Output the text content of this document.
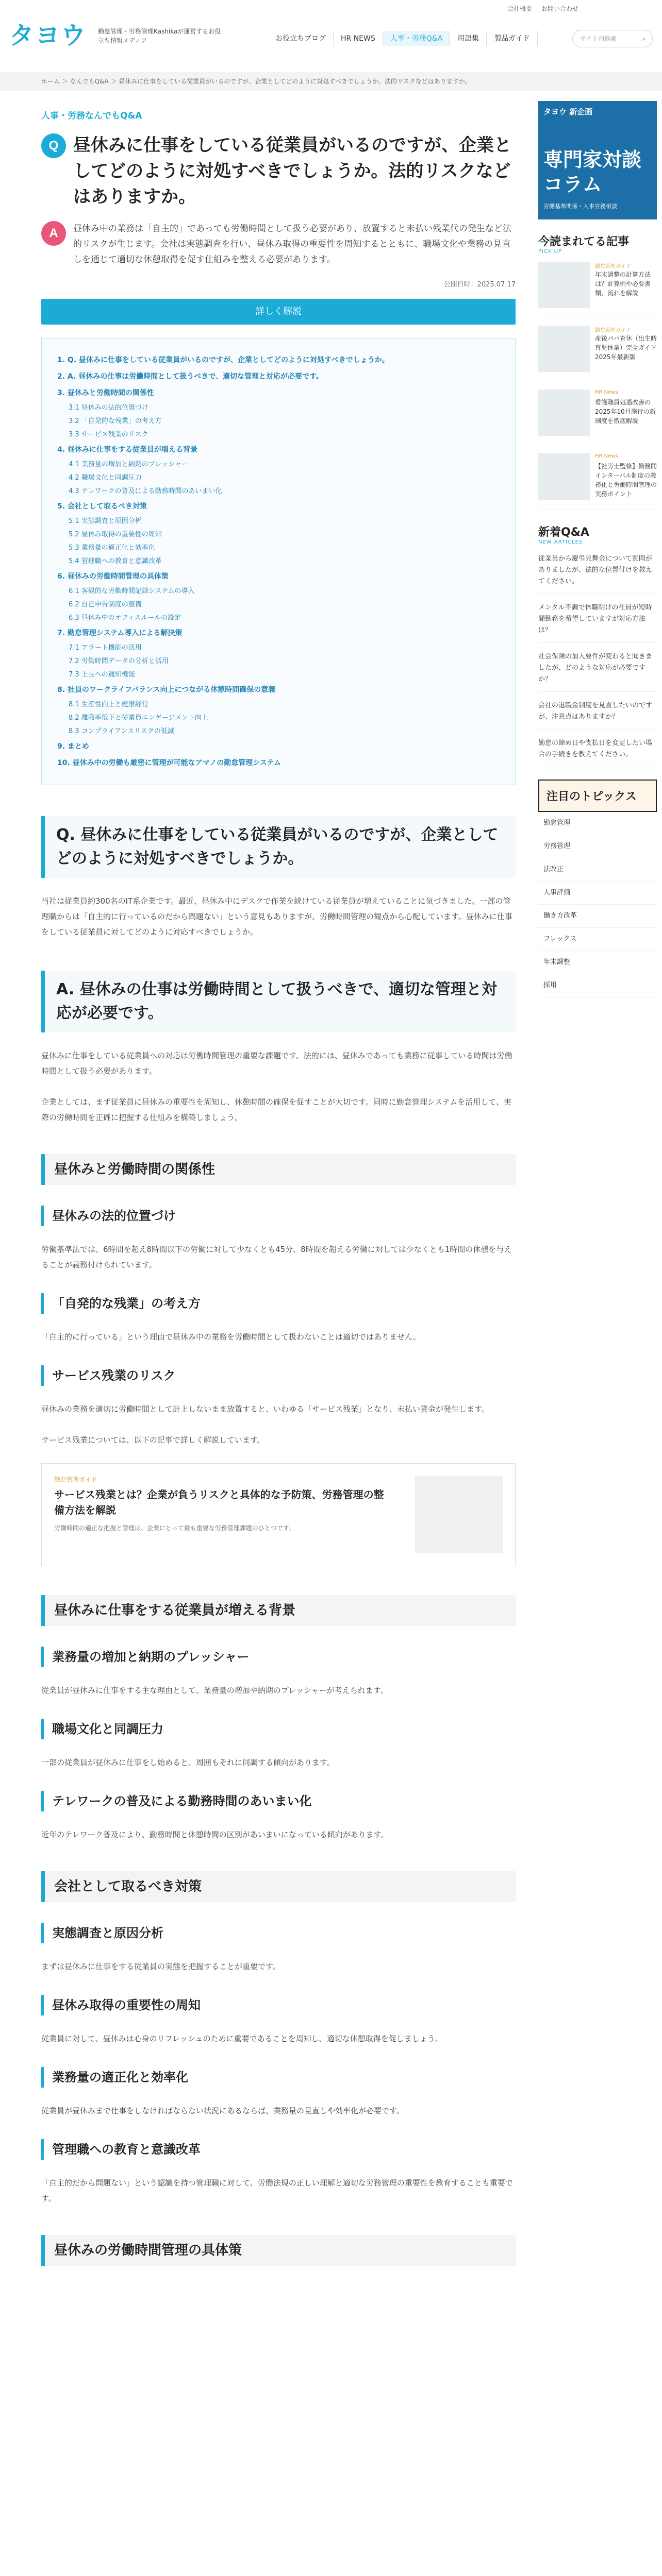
タヨウ	勤怠管理・労務管理Kashikaが運営するお役立ち情報メディア
会社概要 お問い合わせ
お役立ちブログ	HR NEWS	人事・労務Q&A	用語集	製品ガイド	サイト内検索	⌕
ホーム ＞ なんでもQ&A ＞ 昼休みに仕事をしている従業員がいるのですが、企業としてどのように対処すべきでしょうか。法的リスクなどはありますか。
人事・労務なんでもQ&A
Q 昼休みに仕事をしている従業員がいるのですが、企業としてどのように対処すべきでしょうか。法的リスクなどはありますか。
A	昼休み中の業務は「自主的」であっても労働時間として扱う必要があり、放置すると未払い残業代の発生など法的リスクが生じます。会社は実態調査を行い、昼休み取得の重要性を周知するとともに、職場文化や業務の見直しを通じて適切な休憩取得を促す仕組みを整える必要があります。
公開日時：2025.07.17
詳しく解説
1. Q. 昼休みに仕事をしている従業員がいるのですが、企業としてどのように対処すべきでしょうか。
2. A. 昼休みの仕事は労働時間として扱うべきで、適切な管理と対応が必要です。
3. 昼休みと労働時間の関係性
3.1 昼休みの法的位置づけ
3.2 「自発的な残業」の考え方
3.3 サービス残業のリスク
4. 昼休みに仕事をする従業員が増える背景
4.1 業務量の増加と納期のプレッシャー
4.2 職場文化と同調圧力
4.3 テレワークの普及による勤務時間のあいまい化
5. 会社として取るべき対策
5.1 実態調査と原因分析
5.2 昼休み取得の重要性の周知
5.3 業務量の適正化と効率化
5.4 管理職への教育と意識改革
6. 昼休みの労働時間管理の具体策
6.1 客観的な労働時間記録システムの導入
6.2 自己申告制度の整備
6.3 昼休み中のオフィスルールの設定
7. 勤怠管理システム導入による解決策
7.1 アラート機能の活用
7.2 労働時間データの分析と活用
7.3 上長への通知機能
8. 社員のワークライフバランス向上につながる休憩時間確保の意義
8.1 生産性向上と健康経営
8.2 離職率低下と従業員エンゲージメント向上
8.3 コンプライアンスリスクの低減
9. まとめ
10. 昼休み中の労働も厳密に管理が可能なアマノの勤怠管理システム
Q. 昼休みに仕事をしている従業員がいるのですが、企業としてどのように対処すべきでしょうか。
当社は従業員約300名のIT系企業です。最近、昼休み中にデスクで作業を続けている従業員が増えていることに気づきました。一部の管理職からは「自主的に行っているのだから問題ない」という意見もありますが、労働時間管理の観点から心配しています。昼休みに仕事をしている従業員に対してどのように対応すべきでしょうか。
A. 昼休みの仕事は労働時間として扱うべきで、適切な管理と対応が必要です。
昼休みに仕事をしている従業員への対応は労働時間管理の重要な課題です。法的には、昼休みであっても業務に従事している時間は労働時間として扱う必要があります。
企業としては、まず従業員に昼休みの重要性を周知し、休憩時間の確保を促すことが大切です。同時に勤怠管理システムを活用して、実際の労働時間を正確に把握する仕組みを構築しましょう。
昼休みと労働時間の関係性
昼休みの法的位置づけ
労働基準法では、6時間を超え8時間以下の労働に対して少なくとも45分、8時間を超える労働に対しては少なくとも1時間の休憩を与えることが義務付けられています。
「自発的な残業」の考え方
「自主的に行っている」という理由で昼休み中の業務を労働時間として扱わないことは適切ではありません。
サービス残業のリスク
昼休みの業務を適切に労働時間として計上しないまま放置すると、いわゆる「サービス残業」となり、未払い賃金が発生します。
サービス残業については、以下の記事で詳しく解説しています。
勤怠管理ガイド
サービス残業とは？企業が負うリスクと具体的な予防策、労務管理の整備方法を解説
労働時間の適正な把握と管理は、企業にとって最も重要な労務管理課題のひとつです。
昼休みに仕事をする従業員が増える背景
業務量の増加と納期のプレッシャー
従業員が昼休みに仕事をする主な理由として、業務量の増加や納期のプレッシャーが考えられます。
職場文化と同調圧力
一部の従業員が昼休みに仕事をし始めると、周囲もそれに同調する傾向があります。
テレワークの普及による勤務時間のあいまい化
近年のテレワーク普及により、勤務時間と休憩時間の区別があいまいになっている傾向があります。
会社として取るべき対策
実態調査と原因分析
まずは昼休みに仕事をする従業員の実態を把握することが重要です。
昼休み取得の重要性の周知
従業員に対して、昼休みは心身のリフレッシュのために重要であることを周知し、適切な休憩取得を促しましょう。
業務量の適正化と効率化
従業員が昼休みまで仕事をしなければならない状況にあるならば、業務量の見直しや効率化が必要です。
管理職への教育と意識改革
「自主的だから問題ない」という認識を持つ管理職に対して、労働法規の正しい理解と適切な労務管理の重要性を教育することも重要です。
昼休みの労働時間管理の具体策
タヨウ 新企画
専門家対談コラム
労働基準関係・人事労務相談
今読まれてる記事
PICK UP
勤怠管理ガイド
年末調整の計算方法は？計算例や必要書類、流れを解説
勤怠管理ガイド
産後パパ育休（出生時育児休業）完全ガイド2025年最新版
HR News
看護職員処遇改善の2025年10月施行の新制度を徹底解説
HR News
【社労士監修】勤務間インターバル制度の義務化と労働時間管理の実務ポイント
新着Q&A
NEW ARTICLES
従業員から慶弔見舞金について質問がありましたが、法的な位置付けを教えてください。
メンタル不調で休職明けの社員が短時間勤務を希望していますが対応方法は？
社会保険の加入要件が変わると聞きましたが、どのような対応が必要ですか？
会社の退職金制度を見直したいのですが、注意点はありますか？
勤怠の締め日や支払日を変更したい場合の手続きを教えてください。
注目のトピックス
勤怠管理
労務管理
法改正
人事評価
働き方改革
フレックス
年末調整
採用
